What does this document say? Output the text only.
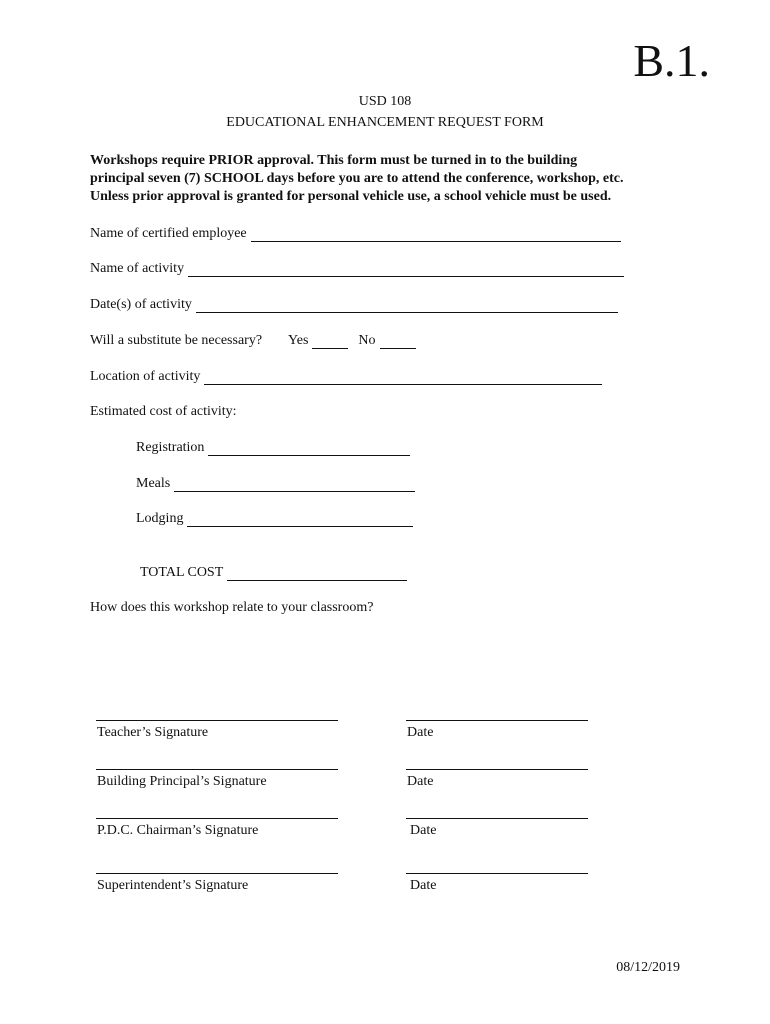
B.1.
USD 108
EDUCATIONAL ENHANCEMENT REQUEST FORM
Workshops require PRIOR approval. This form must be turned in to the building
principal seven (7) SCHOOL days before you are to attend the conference, workshop, etc.
Unless prior approval is granted for personal vehicle use, a school vehicle must be used.
Name of certified employee
Name of activity
Date(s) of activity
Will a substitute be necessary? Yes	No
Location of activity
Estimated cost of activity:
Registration
Meals
Lodging
TOTAL COST
How does this workshop relate to your classroom?
Teacher’s Signature	Date
Building Principal’s Signature	Date
P.D.C. Chairman’s Signature	Date
Superintendent’s Signature	Date
08/12/2019
